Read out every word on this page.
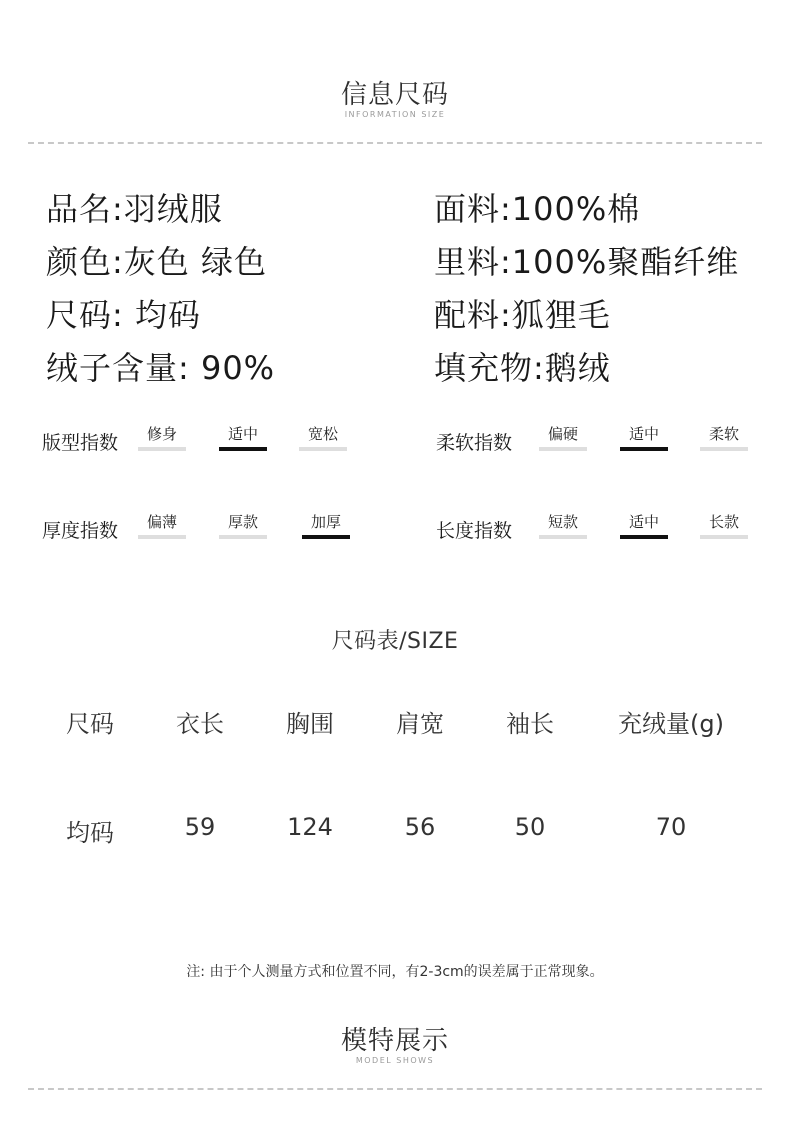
信息尺码
INFORMATION SIZE
品名:羽绒服
颜色:灰色 绿色
尺码: 均码
绒子含量: 90%
面料:100%棉
里料:100%聚酯纤维
配料:狐狸毛
填充物:鹅绒
版型指数	修身	适中	宽松	柔软指数	偏硬	适中	柔软
厚度指数	偏薄	厚款	加厚	长度指数	短款	适中	长款
尺码表/SIZE
尺码	衣长	胸围	肩宽	袖长	充绒量(g)
均码	59	124	56	50	70
注: 由于个人测量方式和位置不同，有2-3cm的误差属于正常现象。
模特展示
MODEL SHOWS
